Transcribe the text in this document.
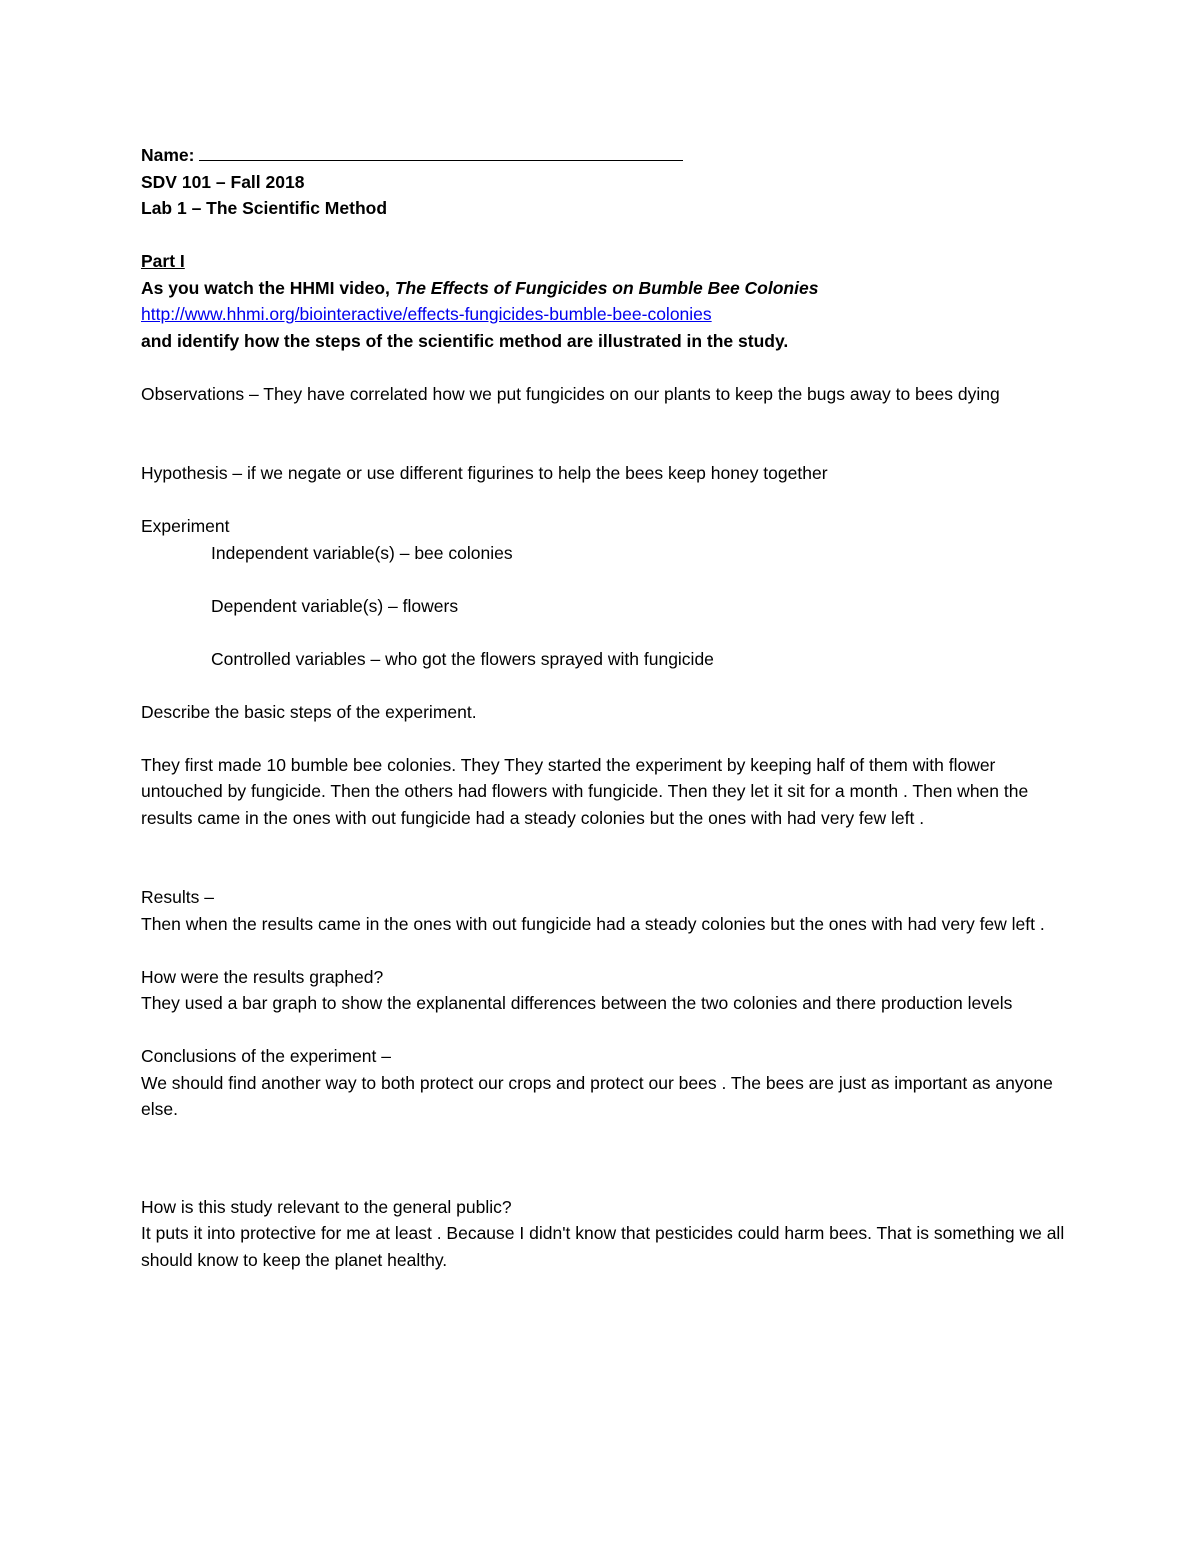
Name:

SDV 101 – Fall 2018

Lab 1 – The Scientific Method

Part I

As you watch the HHMI video, The Effects of Fungicides on Bumble Bee Colonies

http://www.hhmi.org/biointeractive/effects-fungicides-bumble-bee-colonies

and identify how the steps of the scientific method are illustrated in the study.

Observations – They have correlated how we put fungicides on our plants to keep the bugs away to bees dying

Hypothesis – if we negate or use different figurines to help the bees keep honey together

Experiment

Independent variable(s) – bee colonies

Dependent variable(s) – flowers

Controlled variables – who got the flowers sprayed with fungicide

Describe the basic steps of the experiment.

They first made 10 bumble bee colonies. They They started the experiment by keeping half of them with flower untouched by fungicide. Then the others had flowers with fungicide. Then they let it sit for a month . Then when the results came in the ones with out fungicide had a steady colonies but the ones with had very few left .

Results –

Then when the results came in the ones with out fungicide had a steady colonies but the ones with had very few left .

How were the results graphed?

They used a bar graph to show the explanental differences between the two colonies and there production levels

Conclusions of the experiment –

We should find another way to both protect our crops and protect our bees . The bees are just as important as anyone else.

How is this study relevant to the general public?

It puts it into protective for me at least . Because I didn't know that pesticides could harm bees. That is something we all should know to keep the planet healthy.
